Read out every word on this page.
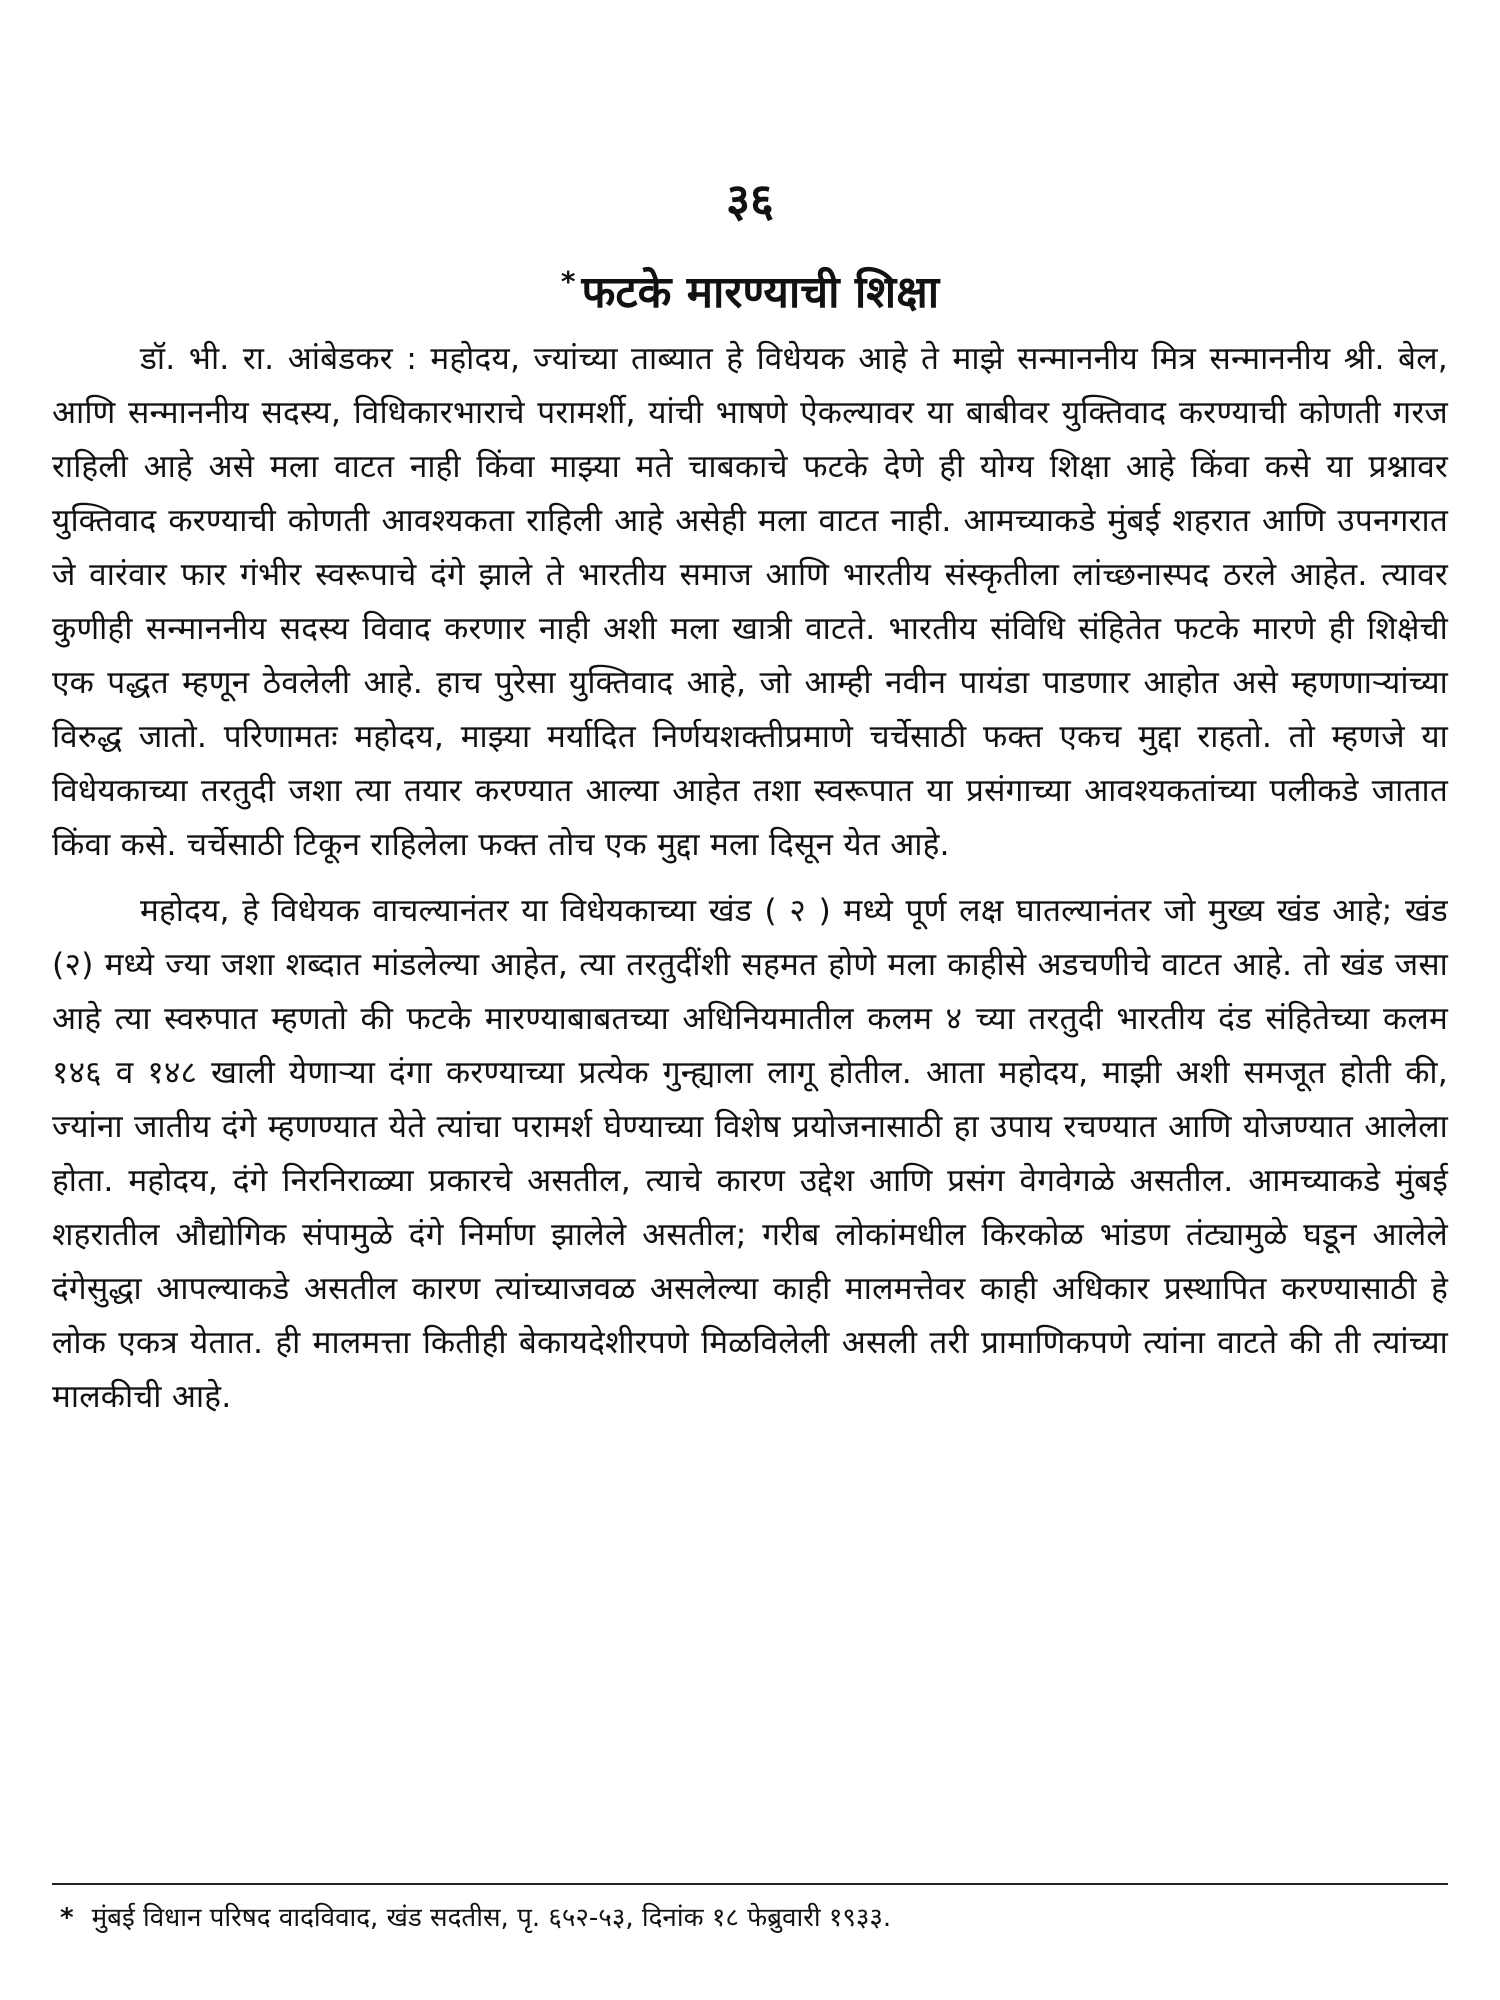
३६
* फटके मारण्याची शिक्षा

डॉ. भी. रा. आंबेडकर : महोदय, ज्यांच्या ताब्यात हे विधेयक आहे ते माझे सन्माननीय मित्र सन्माननीय श्री. बेल, आणि सन्माननीय सदस्य, विधिकारभाराचे परामर्शी, यांची भाषणे ऐकल्यावर या बाबीवर युक्तिवाद करण्याची कोणती गरज राहिली आहे असे मला वाटत नाही किंवा माझ्या मते चाबकाचे फटके देणे ही योग्य शिक्षा आहे किंवा कसे या प्रश्नावर युक्तिवाद करण्याची कोणती आवश्यकता राहिली आहे असेही मला वाटत नाही. आमच्याकडे मुंबई शहरात आणि उपनगरात जे वारंवार फार गंभीर स्वरूपाचे दंगे झाले ते भारतीय समाज आणि भारतीय संस्कृतीला लांच्छनास्पद ठरले आहेत. त्यावर कुणीही सन्माननीय सदस्य विवाद करणार नाही अशी मला खात्री वाटते. भारतीय संविधि संहितेत फटके मारणे ही शिक्षेची एक पद्धत म्हणून ठेवलेली आहे. हाच पुरेसा युक्तिवाद आहे, जो आम्ही नवीन पायंडा पाडणार आहोत असे म्हणणाऱ्यांच्या विरुद्ध जातो. परिणामतः महोदय, माझ्या मर्यादित निर्णयशक्तीप्रमाणे चर्चेसाठी फक्त एकच मुद्दा राहतो. तो म्हणजे या विधेयकाच्या तरतुदी जशा त्या तयार करण्यात आल्या आहेत तशा स्वरूपात या प्रसंगाच्या आवश्यकतांच्या पलीकडे जातात किंवा कसे. चर्चेसाठी टिकून राहिलेला फक्त तोच एक मुद्दा मला दिसून येत आहे.

महोदय, हे विधेयक वाचल्यानंतर या विधेयकाच्या खंड ( २ ) मध्ये पूर्ण लक्ष घातल्यानंतर जो मुख्य खंड आहे; खंड (२) मध्ये ज्या जशा शब्दात मांडलेल्या आहेत, त्या तरतुदींशी सहमत होणे मला काहीसे अडचणीचे वाटत आहे. तो खंड जसा आहे त्या स्वरुपात म्हणतो की फटके मारण्याबाबतच्या अधिनियमातील कलम ४ च्या तरतुदी भारतीय दंड संहितेच्या कलम १४६ व १४८ खाली येणाऱ्या दंगा करण्याच्या प्रत्येक गुन्ह्याला लागू होतील. आता महोदय, माझी अशी समजूत होती की, ज्यांना जातीय दंगे म्हणण्यात येते त्यांचा परामर्श घेण्याच्या विशेष प्रयोजनासाठी हा उपाय रचण्यात आणि योजण्यात आलेला होता. महोदय, दंगे निरनिराळ्या प्रकारचे असतील, त्याचे कारण उद्देश आणि प्रसंग वेगवेगळे असतील. आमच्याकडे मुंबई शहरातील औद्योगिक संपामुळे दंगे निर्माण झालेले असतील; गरीब लोकांमधील किरकोळ भांडण तंट्यामुळे घडून आलेले दंगेसुद्धा आपल्याकडे असतील कारण त्यांच्याजवळ असलेल्या काही मालमत्तेवर काही अधिकार प्रस्थापित करण्यासाठी हे लोक एकत्र येतात. ही मालमत्ता कितीही बेकायदेशीरपणे मिळविलेली असली तरी प्रामाणिकपणे त्यांना वाटते की ती त्यांच्या मालकीची आहे.

* मुंबई विधान परिषद वादविवाद, खंड सदतीस, पृ. ६५२-५३, दिनांक १८ फेब्रुवारी १९३३.
